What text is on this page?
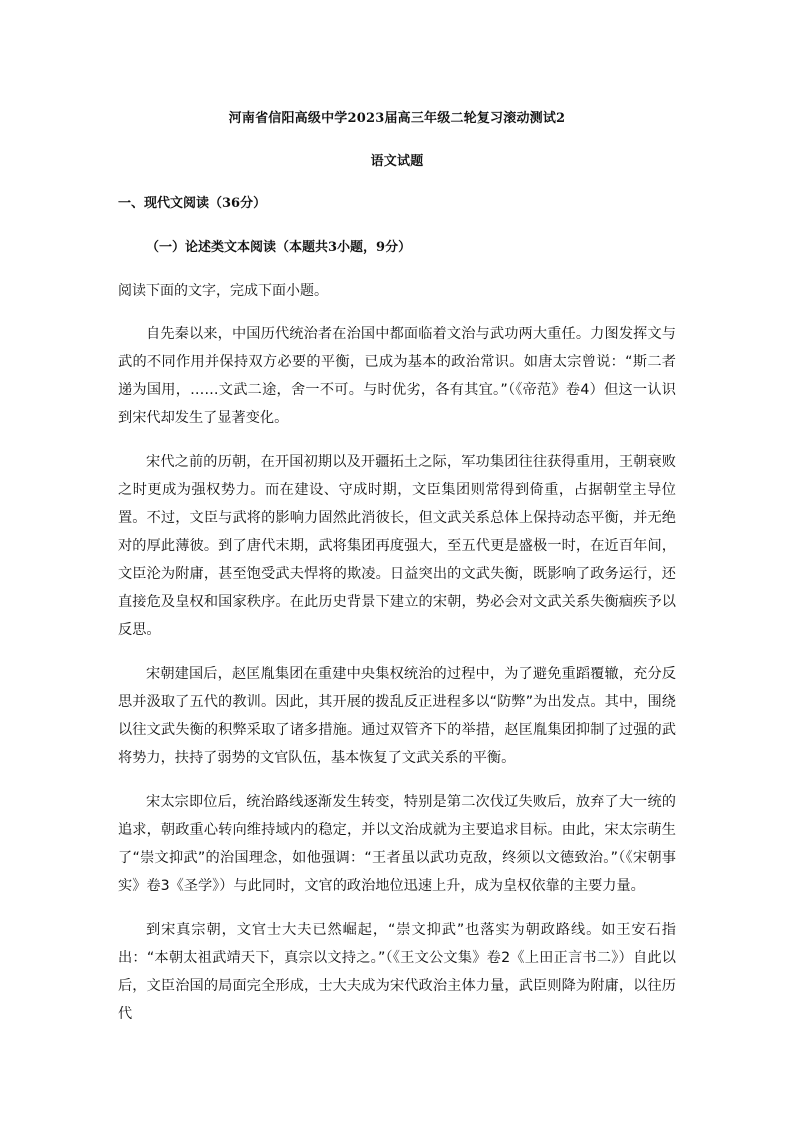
河南省信阳高级中学2023届高三年级二轮复习滚动测试2
语文试题
一、现代文阅读（36分）
（一）论述类文本阅读（本题共3小题，9分）
阅读下面的文字，完成下面小题。

自先秦以来，中国历代统治者在治国中都面临着文治与武功两大重任。力图发挥文与武的不同作用并保持双方必要的平衡，已成为基本的政治常识。如唐太宗曾说：“斯二者递为国用，……文武二途，舍一不可。与时优劣，各有其宜。”（《帝范》卷4）但这一认识到宋代却发生了显著变化。

宋代之前的历朝，在开国初期以及开疆拓土之际，军功集团往往获得重用，王朝衰败之时更成为强权势力。而在建设、守成时期，文臣集团则常得到倚重，占据朝堂主导位置。不过，文臣与武将的影响力固然此消彼长，但文武关系总体上保持动态平衡，并无绝对的厚此薄彼。到了唐代末期，武将集团再度强大，至五代更是盛极一时，在近百年间，文臣沦为附庸，甚至饱受武夫悍将的欺凌。日益突出的文武失衡，既影响了政务运行，还直接危及皇权和国家秩序。在此历史背景下建立的宋朝，势必会对文武关系失衡痼疾予以反思。

宋朝建国后，赵匡胤集团在重建中央集权统治的过程中，为了避免重蹈覆辙，充分反思并汲取了五代的教训。因此，其开展的拨乱反正进程多以“防弊”为出发点。其中，围绕以往文武失衡的积弊采取了诸多措施。通过双管齐下的举措，赵匡胤集团抑制了过强的武将势力，扶持了弱势的文官队伍，基本恢复了文武关系的平衡。

宋太宗即位后，统治路线逐渐发生转变，特别是第二次伐辽失败后，放弃了大一统的追求，朝政重心转向维持域内的稳定，并以文治成就为主要追求目标。由此，宋太宗萌生了“崇文抑武”的治国理念，如他强调：“王者虽以武功克敌，终须以文德致治。”（《宋朝事实》卷3《圣学》）与此同时，文官的政治地位迅速上升，成为皇权依靠的主要力量。

到宋真宗朝，文官士大夫已然崛起，“崇文抑武”也落实为朝政路线。如王安石指出：“本朝太祖武靖天下，真宗以文持之。”（《王文公文集》卷2《上田正言书二》）自此以后，文臣治国的局面完全形成，士大夫成为宋代政治主体力量，武臣则降为附庸，以往历代
